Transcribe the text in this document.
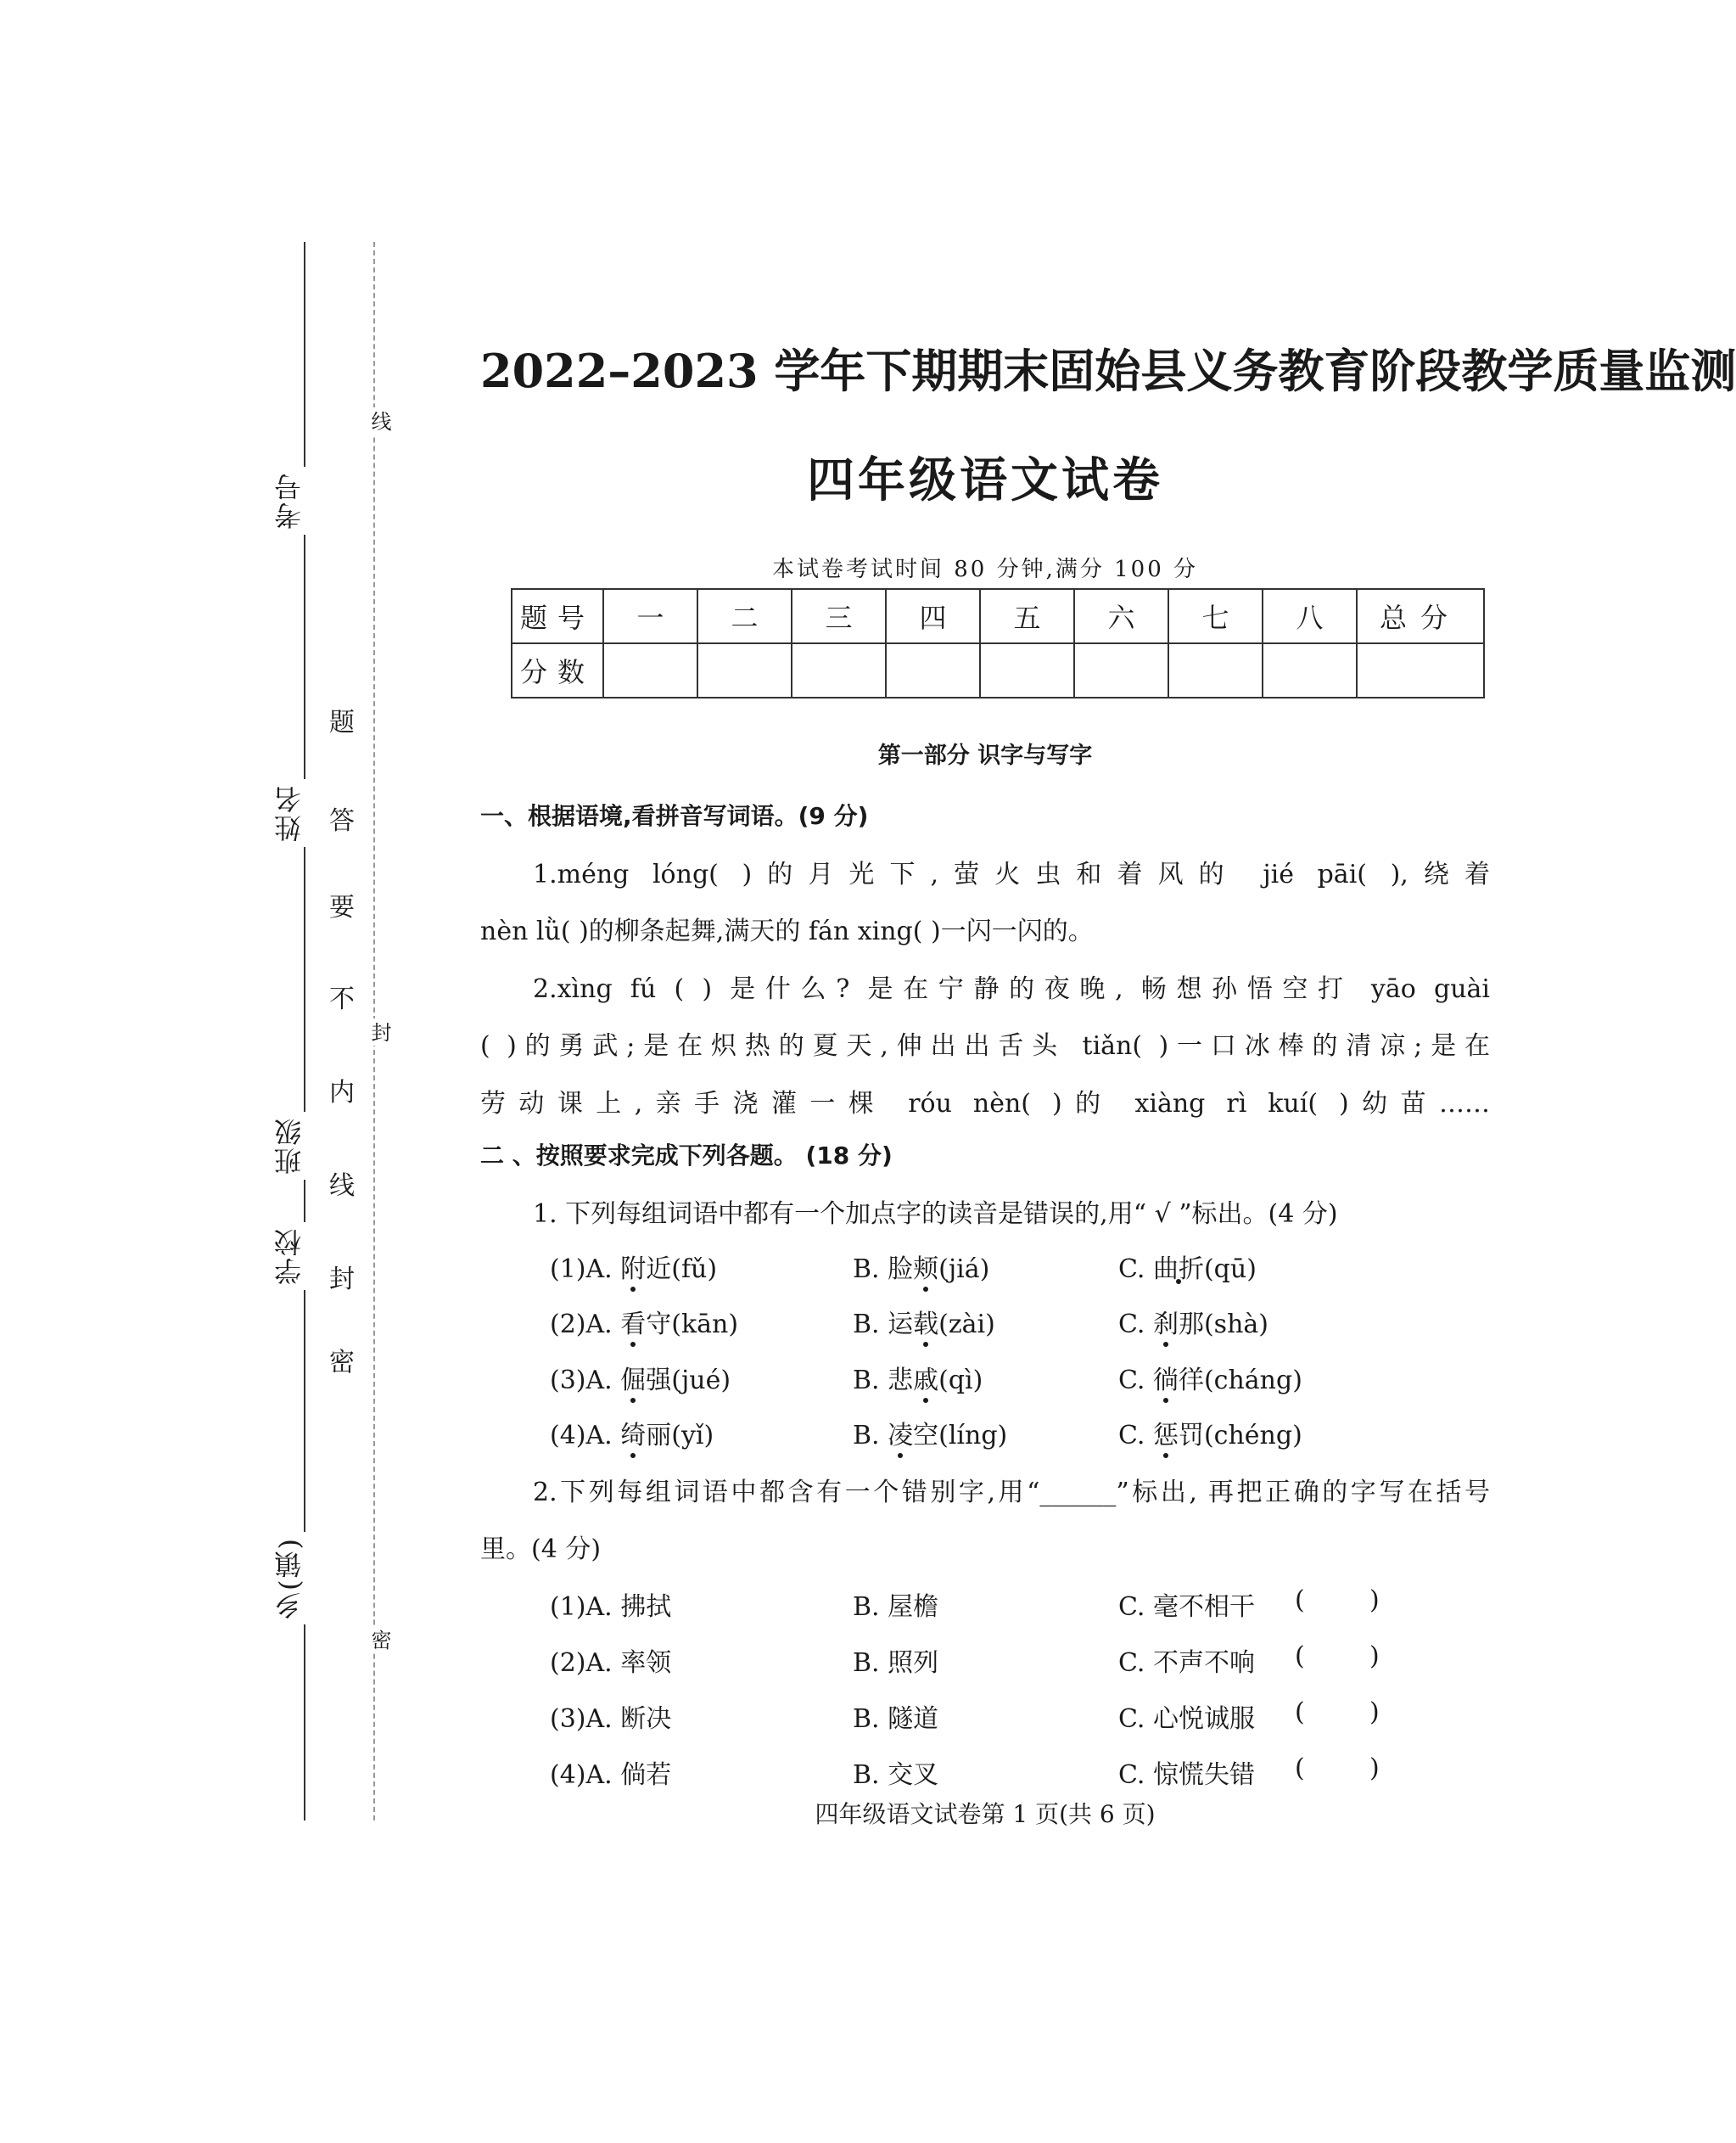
考号
姓名
班级
学校
乡(镇)
题
答
要
不
内
线
封
密
线
封
密
2022–2023 学年下期期末固始县义务教育阶段教学质量监测
四年级语文试卷
本试卷考试时间 80 分钟,满分 100 分
题号	一	二	三	四	五	六	七	八	总分
分数									
第一部分 识字与写字
一、根据语境,看拼音写词语。(9 分)
1.méng lóng( )的月光下,萤火虫和着风的 jié pāi( ),绕着
nèn lǜ( )的柳条起舞,满天的 fán xing( )一闪一闪的。
2.xìng fú ( ) 是什么? 是在宁静的夜晚, 畅想孙悟空打 yāo guài
( )的勇武;是在炽热的夏天,伸出出舌头 tiǎn( )一口冰棒的清凉;是在
劳动课上,亲手浇灌一棵 róu nèn( )的 xiàng rì kuí( )幼苗……
二 、按照要求完成下列各题。 (18 分)
1. 下列每组词语中都有一个加点字的读音是错误的,用“ √ ”标出。(4 分)
(1)A. 附近(fǔ)	B. 脸颊(jiá)	C. 曲折(qū)
(2)A. 看守(kān)	B. 运载(zài)	C. 刹那(shà)
(3)A. 倔强(jué)	B. 悲戚(qì)	C. 徜徉(cháng)
(4)A. 绮丽(yǐ)	B. 凌空(líng)	C. 惩罚(chéng)
2.下列每组词语中都含有一个错别字,用“______”标出, 再把正确的字写在括号
里。(4 分)
(1)A. 拂拭	B. 屋檐	C. 毫不相干 (        )
(2)A. 率领	B. 照列	C. 不声不响 (        )
(3)A. 断决	B. 隧道	C. 心悦诚服 (        )
(4)A. 倘若	B. 交叉	C. 惊慌失错 (        )
四年级语文试卷第 1 页(共 6 页)
